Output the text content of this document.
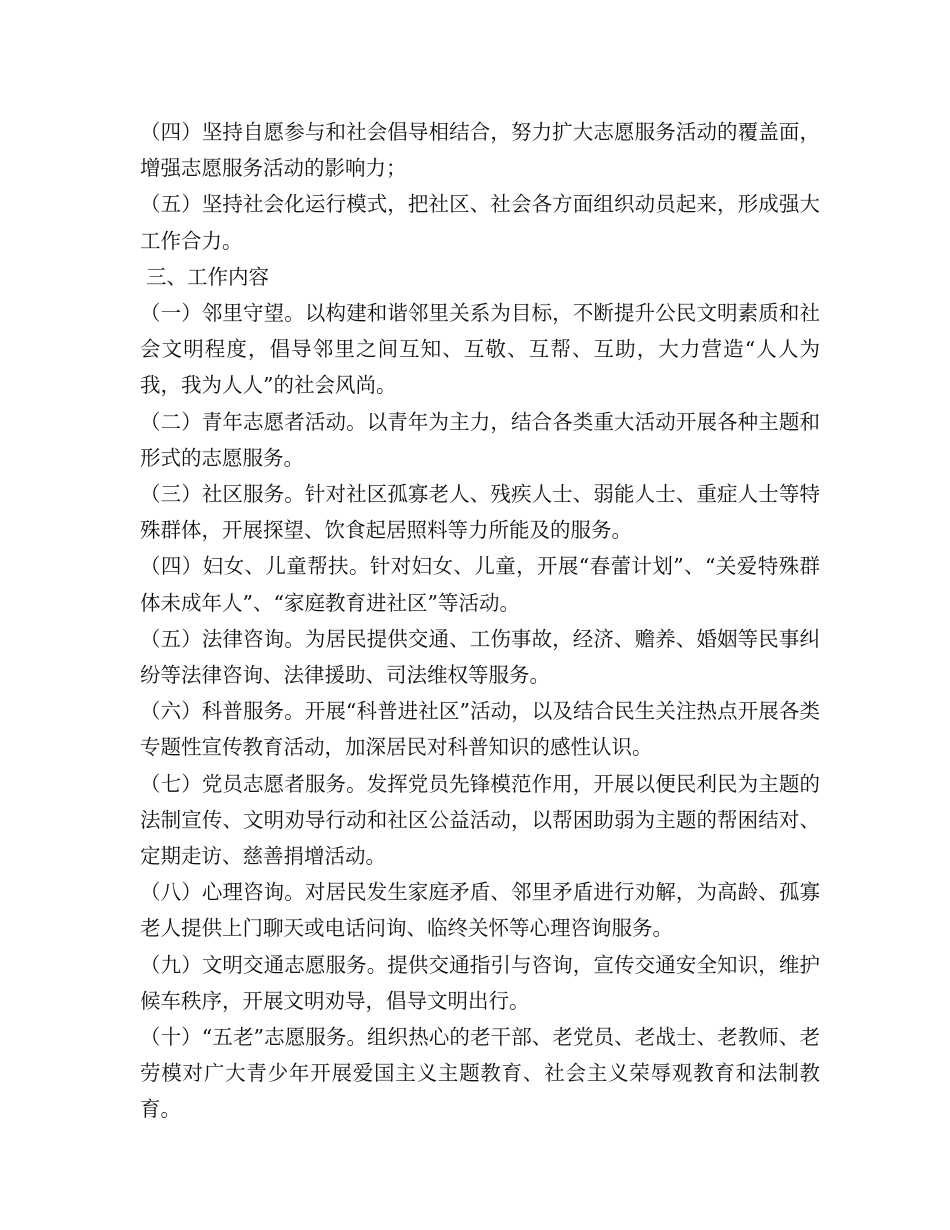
（四）坚持自愿参与和社会倡导相结合，努力扩大志愿服务活动的覆盖面，增强志愿服务活动的影响力；

（五）坚持社会化运行模式，把社区、社会各方面组织动员起来，形成强大工作合力。

三、工作内容

（一）邻里守望。以构建和谐邻里关系为目标，不断提升公民文明素质和社会文明程度，倡导邻里之间互知、互敬、互帮、互助，大力营造“人人为我，我为人人”的社会风尚。

（二）青年志愿者活动。以青年为主力，结合各类重大活动开展各种主题和形式的志愿服务。

（三）社区服务。针对社区孤寡老人、残疾人士、弱能人士、重症人士等特殊群体，开展探望、饮食起居照料等力所能及的服务。

（四）妇女、儿童帮扶。针对妇女、儿童，开展“春蕾计划”、“关爱特殊群体未成年人”、“家庭教育进社区”等活动。

（五）法律咨询。为居民提供交通、工伤事故，经济、赡养、婚姻等民事纠纷等法律咨询、法律援助、司法维权等服务。

（六）科普服务。开展“科普进社区”活动，以及结合民生关注热点开展各类专题性宣传教育活动，加深居民对科普知识的感性认识。

（七）党员志愿者服务。发挥党员先锋模范作用，开展以便民利民为主题的法制宣传、文明劝导行动和社区公益活动，以帮困助弱为主题的帮困结对、定期走访、慈善捐增活动。

（八）心理咨询。对居民发生家庭矛盾、邻里矛盾进行劝解，为高龄、孤寡老人提供上门聊天或电话问询、临终关怀等心理咨询服务。

（九）文明交通志愿服务。提供交通指引与咨询，宣传交通安全知识，维护候车秩序，开展文明劝导，倡导文明出行。

（十）“五老”志愿服务。组织热心的老干部、老党员、老战士、老教师、老劳模对广大青少年开展爱国主义主题教育、社会主义荣辱观教育和法制教育。
